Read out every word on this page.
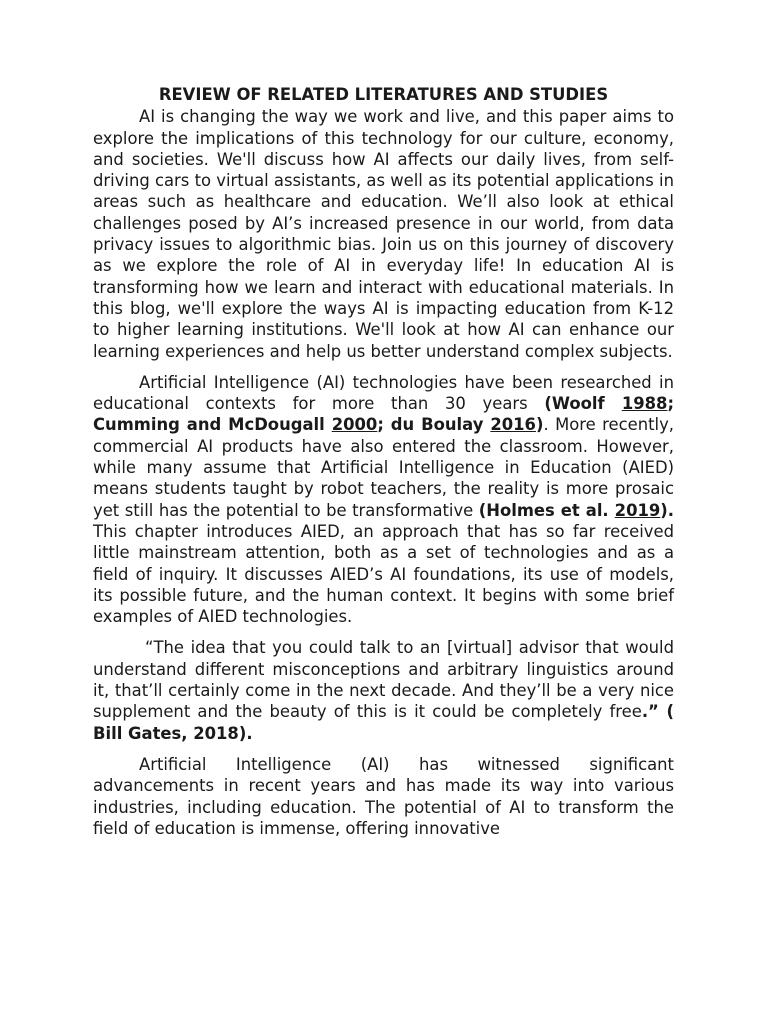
REVIEW OF RELATED LITERATURES AND STUDIES

AI is changing the way we work and live, and this paper aims to explore the implications of this technology for our culture, economy, and societies. We'll discuss how AI affects our daily lives, from self-driving cars to virtual assistants, as well as its potential applications in areas such as healthcare and education. We’ll also look at ethical challenges posed by AI’s increased presence in our world, from data privacy issues to algorithmic bias. Join us on this journey of discovery as we explore the role of AI in everyday life! In education AI is transforming how we learn and interact with educational materials. In this blog, we'll explore the ways AI is impacting education from K-12 to higher learning institutions. We'll look at how AI can enhance our learning experiences and help us better understand complex subjects.

Artificial Intelligence (AI) technologies have been researched in educational contexts for more than 30 years (Woolf 1988; Cumming and McDougall 2000; du Boulay 2016). More recently, commercial AI products have also entered the classroom. However, while many assume that Artificial Intelligence in Education (AIED) means students taught by robot teachers, the reality is more prosaic yet still has the potential to be transformative (Holmes et al. 2019). This chapter introduces AIED, an approach that has so far received little mainstream attention, both as a set of technologies and as a field of inquiry. It discusses AIED’s AI foundations, its use of models, its possible future, and the human context. It begins with some brief examples of AIED technologies.

“The idea that you could talk to an [virtual] advisor that would understand different misconceptions and arbitrary linguistics around it, that’ll certainly come in the next decade. And they’ll be a very nice supplement and the beauty of this is it could be completely free.” ( Bill Gates, 2018).

Artificial Intelligence (AI) has witnessed significant advancements in recent years and has made its way into various industries, including education. The potential of AI to transform the field of education is immense, offering innovative
